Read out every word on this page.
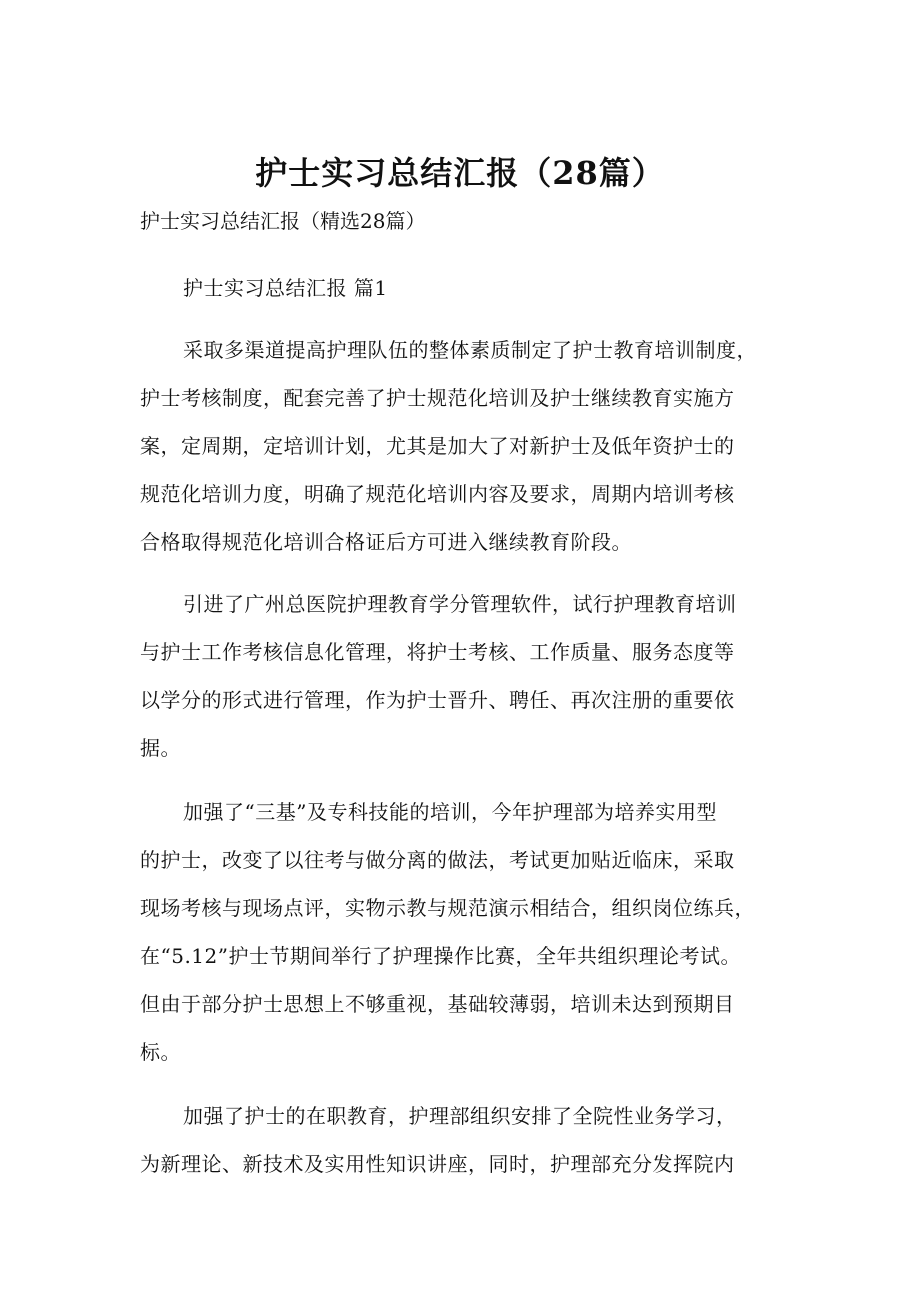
护士实习总结汇报（28篇）
护士实习总结汇报（精选28篇）
护士实习总结汇报 篇1
采取多渠道提高护理队伍的整体素质制定了护士教育培训制度，
护士考核制度，配套完善了护士规范化培训及护士继续教育实施方
案，定周期，定培训计划，尤其是加大了对新护士及低年资护士的
规范化培训力度，明确了规范化培训内容及要求，周期内培训考核
合格取得规范化培训合格证后方可进入继续教育阶段。
引进了广州总医院护理教育学分管理软件，试行护理教育培训
与护士工作考核信息化管理，将护士考核、工作质量、服务态度等
以学分的形式进行管理，作为护士晋升、聘任、再次注册的重要依
据。
加强了“三基”及专科技能的培训，今年护理部为培养实用型
的护士，改变了以往考与做分离的做法，考试更加贴近临床，采取
现场考核与现场点评，实物示教与规范演示相结合，组织岗位练兵，
在“5.12”护士节期间举行了护理操作比赛，全年共组织理论考试。
但由于部分护士思想上不够重视，基础较薄弱，培训未达到预期目
标。
加强了护士的在职教育，护理部组织安排了全院性业务学习，
为新理论、新技术及实用性知识讲座，同时，护理部充分发挥院内
